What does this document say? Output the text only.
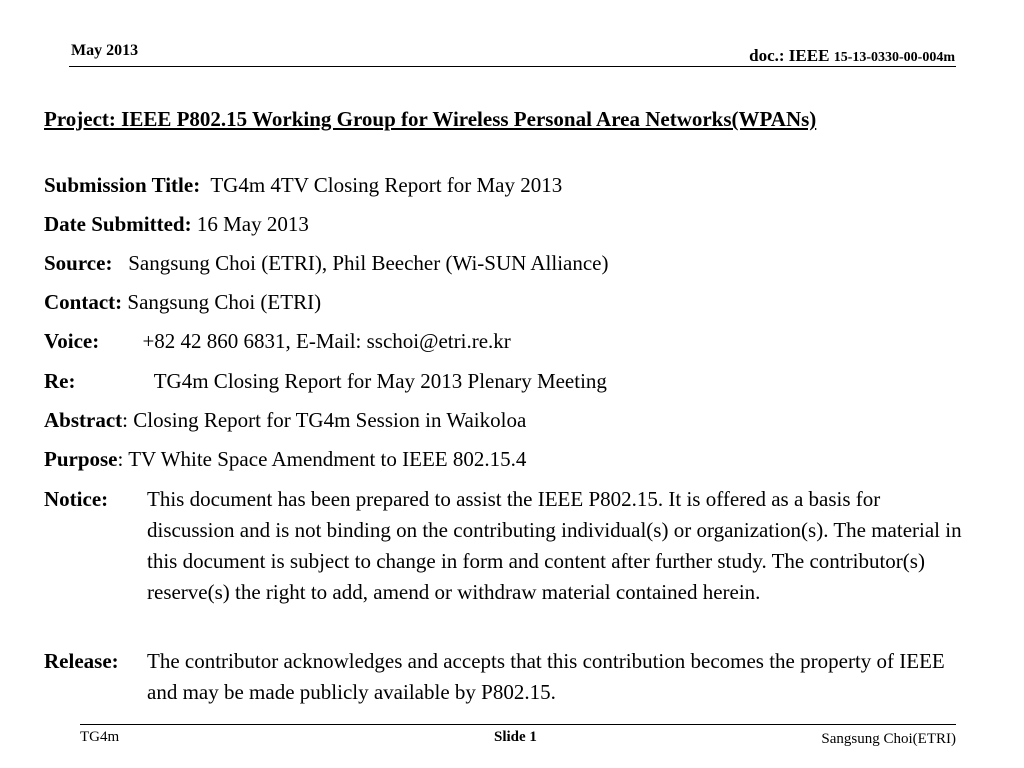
May 2013	doc.: IEEE 15-13-0330-00-004m
Project: IEEE P802.15 Working Group for Wireless Personal Area Networks(WPANs)
Submission Title: TG4m 4TV Closing Report for May 2013
Date Submitted: 16 May 2013
Source: Sangsung Choi (ETRI), Phil Beecher (Wi-SUN Alliance)
Contact: Sangsung Choi (ETRI)
Voice: +82 42 860 6831, E-Mail: sschoi@etri.re.kr
Re:	TG4m Closing Report for May 2013 Plenary Meeting
Abstract: Closing Report for TG4m Session in Waikoloa
Purpose: TV White Space Amendment to IEEE 802.15.4
Notice: This document has been prepared to assist the IEEE P802.15. It is offered as a basis for discussion and is not binding on the contributing individual(s) or organization(s). The material in this document is subject to change in form and content after further study. The contributor(s) reserve(s) the right to add, amend or withdraw material contained herein.
Release: The contributor acknowledges and accepts that this contribution becomes the property of IEEE and may be made publicly available by P802.15.
TG4m	Slide 1	Sangsung Choi(ETRI)
